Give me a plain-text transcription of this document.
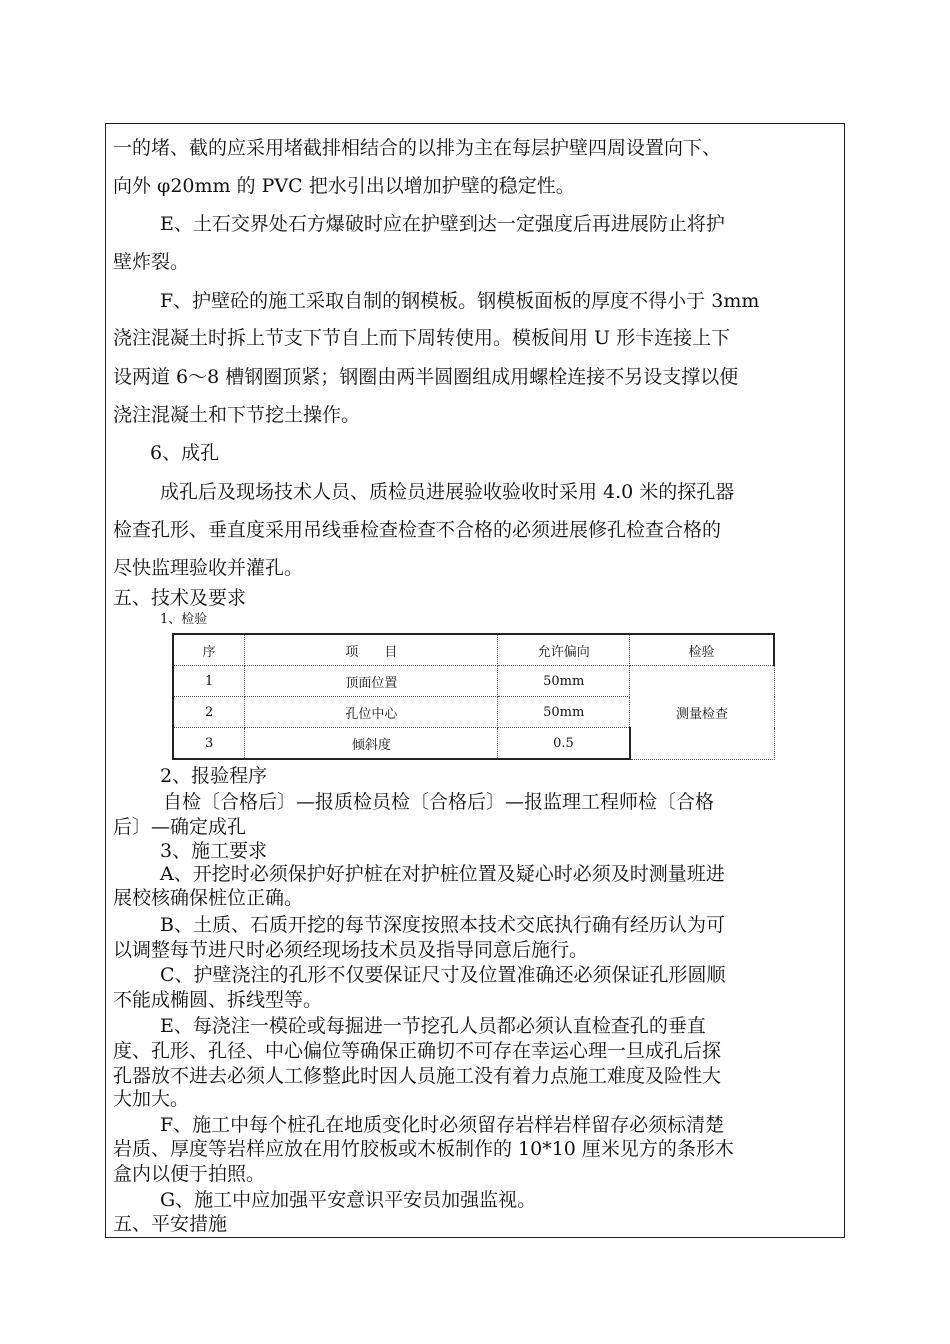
一的堵、截的应采用堵截排相结合的以排为主在每层护壁四周设置向下、
向外 φ20mm 的 PVC 把水引出以增加护壁的稳定性。
E、土石交界处石方爆破时应在护壁到达一定强度后再进展防止将护
壁炸裂。
F、护壁砼的施工采取自制的钢模板。钢模板面板的厚度不得小于 3mm
浇注混凝土时拆上节支下节自上而下周转使用。模板间用 U 形卡连接上下
设两道 6～8 槽钢圈顶紧；钢圈由两半圆圈组成用螺栓连接不另设支撑以便
浇注混凝土和下节挖土操作。
6、成孔
成孔后及现场技术人员、质检员进展验收验收时采用 4.0 米的探孔器
检查孔形、垂直度采用吊线垂检查检查不合格的必须进展修孔检查合格的
尽快监理验收并灌孔。
五、技术及要求
1、检验
序	项　　目	允许偏向	检验
1	顶面位置	50mm	测量检查
2	孔位中心	50mm	
3	倾斜度	0.5	
2、报验程序
自检〔合格后〕—报质检员检〔合格后〕—报监理工程师检〔合格
后〕—确定成孔
3、施工要求
A、开挖时必须保护好护桩在对护桩位置及疑心时必须及时测量班进
展校核确保桩位正确。
B、土质、石质开挖的每节深度按照本技术交底执行确有经历认为可
以调整每节进尺时必须经现场技术员及指导同意后施行。
C、护壁浇注的孔形不仅要保证尺寸及位置准确还必须保证孔形圆顺
不能成椭圆、拆线型等。
E、每浇注一模砼或每掘进一节挖孔人员都必须认直检查孔的垂直
度、孔形、孔径、中心偏位等确保正确切不可存在幸运心理一旦成孔后探
孔器放不进去必须人工修整此时因人员施工没有着力点施工难度及险性大
大加大。
F、施工中每个桩孔在地质变化时必须留存岩样岩样留存必须标清楚
岩质、厚度等岩样应放在用竹胶板或木板制作的 10*10 厘米见方的条形木
盒内以便于拍照。
G、施工中应加强平安意识平安员加强监视。
五、平安措施
